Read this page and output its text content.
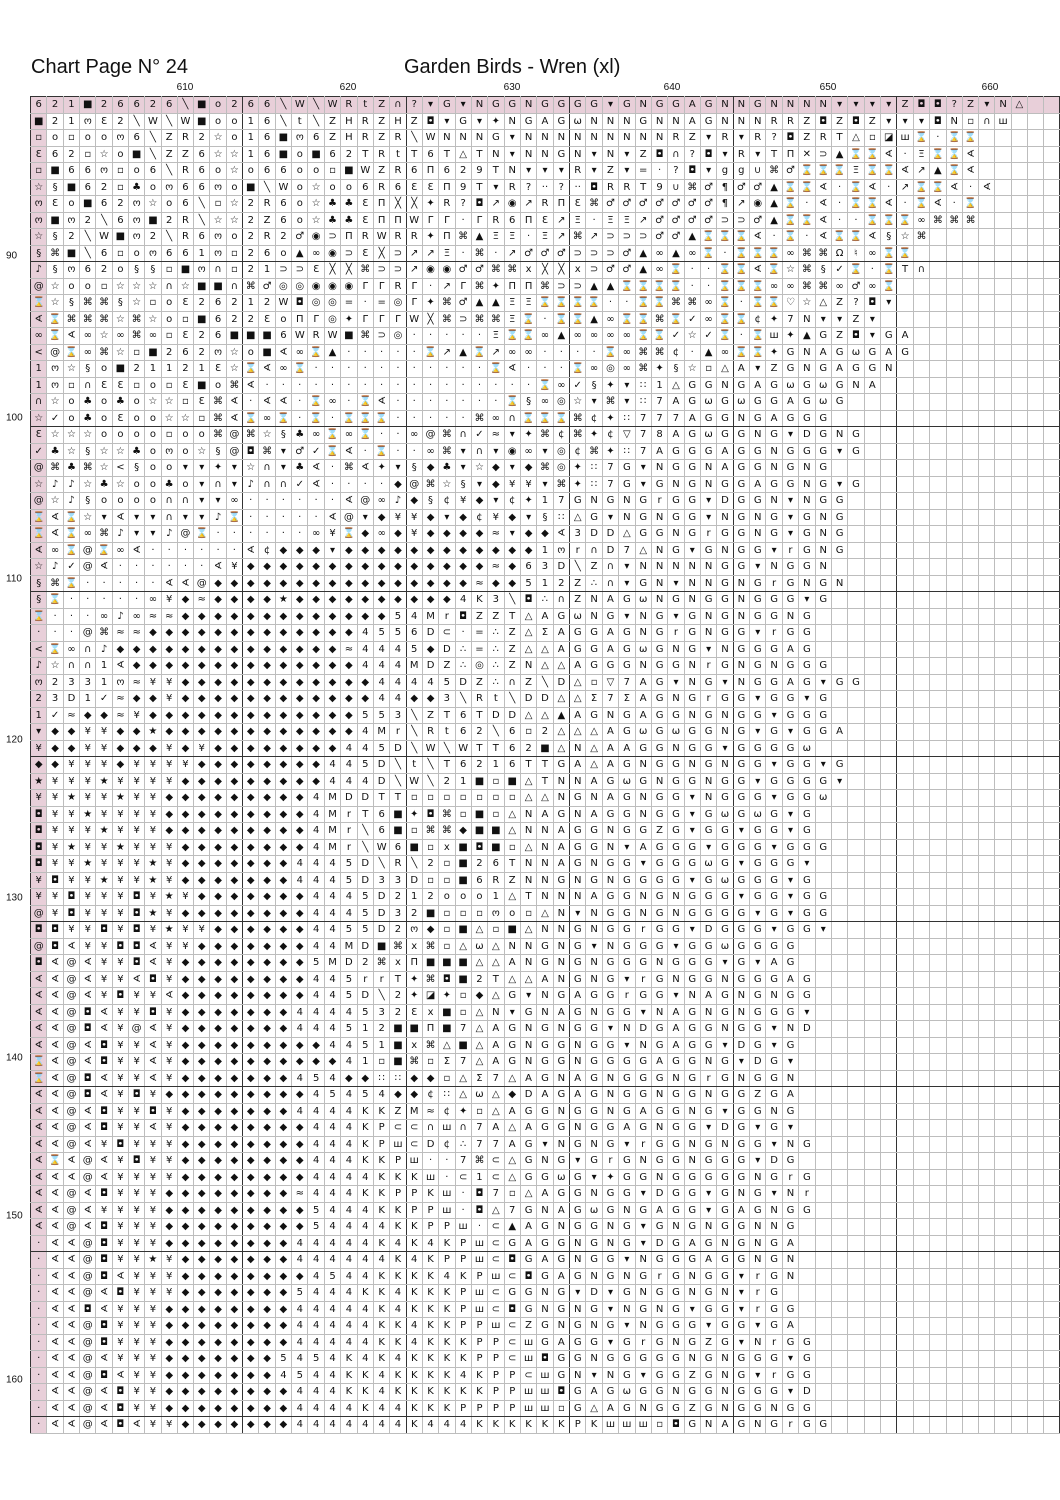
Chart Page N° 24	Garden Birds - Wren (xl)
610	620	630	640	650	660
90
100
110
120
130
140
150
160
6	2	1	■	2	6	6	2	6	╲	■	o	2	6	6	╲	W	╲	W	R	t	Z	∩	?	▾	G	▾	N	G	G	N	G	G	G	G	▾	G	N	G	G	A	G	N	N	G	N	N	N	N	▾	▾	▾	▾	Z	◘	◘	?	Z	▾	N	△		
■	2	1	ო	Ɛ	2	╲	W	╲	W	■	o	o	1	6	╲	t	╲	Z	H	R	Z	H	Z	◘	▾	G	▾	✦	N	G	A	G	ω	N	N	N	G	N	N	A	G	N	N	N	R	R	Z	◘	Z	◘	Z	▾	▾	▾	◘	N	▫	∩	ш			
▫	o	▫	o	o	ო	6	╲	Z	R	2	☆	o	1	6	■	ო	6	Z	H	R	Z	R	╲	W	N	N	N	G	▾	N	N	N	N	N	N	N	N	N	R	Z	▾	R	▾	R	?	◘	Z	R	T	△	▫	◪	ш	⌛	·	⌛	⌛					
Ɛ	6	2	▫	☆	o	■	╲	Z	Z	6	☆	☆	1	6	■	o	■	6	2	T	R	t	T	6	T	△	T	N	▾	N	N	G	N	▾	N	▾	Z	◘	∩	?	◘	▾	R	▾	T	Π	✕	⊃	▲	⌛	⌛	∢	·	Ξ	⌛	⌛	∢					
▫	■	6	6	ო	▫	o	6	╲	R	6	o	☆	o	6	6	o	o	▫	■	W	Z	R	6	Π	6	2	9	T	N	▾	▾	▾	R	▾	Z	▾	=	·	?	◘	▾	g	g	∪	⌘	♂	⌛	⌛	⌛	Ξ	⌛	⌛	∢	↗	▲	⌛	∢					
☆	§	■	6	2	▫	♣	o	ო	6	6	ო	o	■	╲	W	o	☆	o	o	6	R	6	Ɛ	Ɛ	Π	9	T	▾	R	?	··	?	··	◘	R	R	T	9	∪	⌘	♂	¶	♂	♂	▲	⌛	⌛	∢	·	⌛	∢	·	↗	⌛	⌛	∢	·	∢				
ო	Ɛ	o	■	6	2	ო	☆	o	6	╲	▫	☆	2	R	6	o	☆	♣	♣	Ɛ	Π	╳	╳	✦	R	?	◘	↗	◉	↗	R	Π	Ɛ	⌘	♂	♂	♂	♂	♂	♂	♂	¶	↗	◉	▲	⌛	·	∢	·	⌛	⌛	∢	·	⌛	∢	·	⌛					
ო	■	ო	2	╲	6	ო	■	2	R	╲	☆	☆	2	Z	6	o	☆	♣	♣	Ɛ	Π	Π	W	Γ	Γ	·	Γ	R	6	Π	Ɛ	↗	Ξ	·	Ξ	Ξ	↗	♂	♂	♂	♂	⊃	⊃	♂	▲	⌛	⌛	∢	·	·	⌛	⌛	⌛	∞	⌘	⌘	⌘					
☆	§	2	╲	W	■	ო	2	╲	R	6	ო	o	2	R	2	♂	◉	⊃	Π	R	W	R	R	✦	Π	⌘	▲	Ξ	Ξ	·	Ξ	↗	⌘	↗	⊃	⊃	⊃	♂	♂	▲	⌛	⌛	⌛	∢	·	⌛	·	∢	⌛	⌛	∢	§	☆	⌘								
§	⌘	■	╲	6	▫	o	ო	6	6	1	ო	▫	2	6	o	▲	∞	◉	⊃	Ɛ	╳	⊃	↗	↗	Ξ	·	⌘	·	↗	♂	♂	♂	⊃	⊃	⊃	♂	▲	∞	▲	∞	⌛	·	⌛	⌛	⌛	∞	⌘	⌘	Ω	♮	∞	⌛	⌛									
♪	§	ო	6	2	o	§	§	▫	■	ო	∩	▫	2	1	⊃	⊃	Ɛ	╳	╳	⌘	⊃	⊃	↗	◉	◉	♂	♂	⌘	⌘	x	╳	╳	x	⊃	♂	♂	▲	∞	⌛	·	·	⌛	⌛	∢	⌛	☆	⌘	§	✓	⌛	·	⌛	T	∩								
@	☆	o	o	▫	☆	☆	☆	∩	☆	■	■	∩	⌘	♂	◎	◎	◉	◉	◉	Γ	Γ	R	Γ	·	↗	Γ	⌘	✦	Π	Π	⌘	⊃	⊃	▲	▲	⌛	⌛	⌛	⌛	·	·	⌛	⌛	⌛	∞	∞	⌘	⌘	∞	♂	∞	⌛										
⌛	☆	§	⌘	⌘	§	☆	▫	o	Ɛ	2	6	2	1	2	W	◘	◎	◎	=	·	=	◎	Γ	✦	⌘	♂	▲	▲	Ξ	Ξ	⌛	⌛	⌛	⌛	·	·	⌛	⌛	⌘	⌘	∞	⌛	·	⌛	⌛	♡	☆	△	Z	?	◘	▾										
∢	⌛	⌘	⌘	⌘	☆	⌘	☆	o	▫	■	6	2	2	Ɛ	o	Π	Γ	◎	✦	Γ	Γ	Γ	W	╳	⌘	⊃	⌘	⌘	Ξ	⌛	·	⌛	⌛	▲	∞	⌛	⌛	⌘	⌛	✓	∞	⌛	⌛	¢	✦	7	N	▾	▾	Z	▾											
∞	⌛	∢	∞	☆	∞	⌘	∞	▫	Ɛ	2	6	■	■	■	6	W	R	W	■	⌘	⊃	◎	·	·	·	·	·	Ξ	⌛	⌛	∞	▲	∞	∞	∞	∞	⌛	⌛	✓	☆	✓	⌛	·	⌛	ш	✦	▲	G	Z	◘	▾	G	A									
<	@	⌛	∞	⌘	☆	▫	■	2	6	2	ო	☆	o	■	∢	∞	⌛	▲	·	·	·	·	·	⌛	↗	▲	⌛	↗	∞	∞	·	·	·	·	⌛	∞	⌘	⌘	¢	·	▲	∞	⌛	⌛	✦	G	N	A	G	ω	G	A	G									
1	ო	☆	§	o	■	2	1	1	2	1	Ɛ	☆	⌛	∢	∞	⌛	·	·	·	·	·	·	·	·	·	·	·	⌛	∢	·	·	·	⌛	∞	◎	∞	⌘	✦	§	☆	▫	△	A	▾	Z	G	N	G	A	G	G	N										
1	ო	▫	∩	Ɛ	Ɛ	▫	o	▫	Ɛ	■	o	⌘	∢	·	·	·	·	·	·	·	·	·	·	·	·	·	·	·	·	·	⌛	∞	✓	§	✦	▾	∷	1	△	G	G	N	G	A	G	ω	G	ω	G	N	A											
∩	☆	o	♣	o	♣	o	☆	☆	▫	Ɛ	⌘	∢	·	∢	∢	·	⌛	∞	·	⌛	∢	·	·	·	·	·	·	·	⌛	§	∞	◎	☆	▾	⌘	▾	∷	7	A	G	ω	G	ω	G	G	A	G	ω	G													
☆	✓	o	♣	o	Ɛ	o	o	☆	☆	▫	⌘	∢	⌛	∞	⌛	·	⌛	·	⌛	⌛	⌛	·	·	·	·	·	⌘	∞	∩	⌛	⌛	⌛	⌘	¢	✦	∷	7	7	7	A	G	G	N	G	A	G	G	G														
Ɛ	☆	☆	☆	o	o	o	o	▫	o	o	⌘	@	⌘	☆	§	♣	∞	⌛	∞	⌛	·	·	∞	@	⌘	∩	✓	≈	▾	✦	⌘	¢	⌘	✦	¢	▽	7	8	A	G	ω	G	G	N	G	▾	D	G	N	G												
✓	♣	☆	§	☆	☆	♣	o	ო	o	☆	§	@	◘	⌘	▾	♂	✓	⌛	∢	·	⌛	·	·	∞	⌘	▾	∩	▾	◉	∞	▾	◎	¢	⌘	✦	∷	7	A	G	G	G	A	G	G	N	G	G	G	▾	G												
@	⌘	♣	⌘	☆	<	§	o	o	▾	▾	✦	▾	☆	∩	▾	♣	∢	·	⌘	∢	✦	▾	§	◆	♣	▾	☆	◆	▾	◆	⌘	◎	✦	∷	7	G	▾	N	G	G	N	A	G	G	N	G	N	G														
☆	♪	♪	☆	♣	☆	o	o	♣	o	▾	∩	▾	♪	∩	∩	✓	∢	·	·	·	·	◆	@	⌘	☆	§	▾	◆	¥	¥	▾	⌘	✦	∷	7	G	▾	G	N	G	N	G	G	A	G	G	N	G	▾	G												
@	☆	♪	§	o	o	o	o	∩	∩	▾	▾	∞	·	·	·	·	·	·	∢	@	∞	♪	◆	§	¢	¥	◆	▾	¢	✦	1	7	G	N	G	N	G	r	G	G	▾	D	G	G	N	▾	N	G	G													
⌛	∢	⌛	☆	▾	∢	▾	▾	∩	▾	▾	♪	⌛	·	·	·	·	·	∢	@	▾	◆	¥	¥	◆	▾	◆	¢	¥	◆	▾	§	∷	△	G	▾	N	G	N	G	G	▾	N	G	N	G	▾	G	N	G													
⌛	∢	⌛	∞	⌘	♪	▾	▾	♪	@	⌛	·	·	·	·	·	·	∞	¥	⌛	◆	∞	◆	¥	◆	◆	◆	◆	≈	▾	◆	◆	∢	3	D	D	△	G	G	N	G	r	G	G	N	G	▾	G	N	G													
∢	∞	⌛	@	⌛	∞	∢	·	·	·	·	·	·	∢	¢	◆	◆	◆	▾	◆	◆	◆	◆	◆	◆	◆	◆	◆	◆	◆	◆	1	ო	r	∩	D	7	△	N	G	▾	G	N	G	G	▾	r	G	N	G													
☆	♪	✓	@	∢	·	·	·	·	·	·	∢	¥	◆	◆	◆	◆	◆	◆	◆	◆	◆	◆	◆	◆	◆	◆	◆	≈	◆	6	3	D	╲	Z	∩	▾	N	N	N	N	N	G	G	▾	N	G	G	N														
§	⌘	⌛	·	·	·	·	·	∢	∢	@	◆	◆	◆	◆	◆	◆	◆	◆	◆	◆	◆	◆	◆	◆	◆	◆	≈	◆	◆	5	1	2	Z	∴	∩	▾	G	N	▾	N	N	G	N	G	r	G	N	G	N													
§	⌛	·	·	·	·	·	∞	¥	◆	≈	◆	◆	◆	◆	★	◆	◆	◆	◆	◆	◆	◆	◆	◆	◆	4	K	3	╲	◘	∴	∩	Z	N	A	G	ω	N	G	N	G	G	N	G	G	G	▾	G														
⌛	·	·	·	∞	♪	∞	≈	≈	◆	◆	◆	◆	◆	◆	◆	◆	◆	◆	◆	◆	◆	5	4	M	r	◘	Z	Z	T	△	A	G	ω	N	G	▾	N	G	▾	G	N	G	N	G	G	N	G															
·	·	·	@	⌘	≈	≈	◆	◆	◆	◆	◆	◆	◆	◆	◆	◆	◆	◆	◆	4	5	5	6	D	⊂	·	=	∴	Z	△	Σ	A	G	G	A	G	N	G	r	G	N	G	G	▾	r	G	G															
<	⌛	∞	∩	♪	◆	◆	◆	◆	◆	◆	◆	◆	◆	◆	◆	◆	◆	◆	≈	4	4	4	5	◆	D	∴	=	∴	Z	△	△	A	G	G	A	G	ω	G	N	G	▾	N	G	G	G	A	G															
♪	☆	∩	∩	1	∢	◆	◆	◆	◆	◆	◆	◆	◆	◆	◆	◆	◆	◆	◆	4	4	4	M	D	Z	∴	◎	∴	Z	N	△	△	A	G	G	G	N	G	G	N	r	G	N	G	N	G	G	G														
ო	2	3	3	1	ო	≈	¥	¥	◆	◆	◆	◆	◆	◆	◆	◆	◆	◆	◆	◆	4	4	4	4	5	D	Z	∴	∩	Z	╲	D	△	▫	▽	7	A	G	▾	N	G	▾	N	G	G	A	G	▾	G	G												
2	3	D	1	✓	≈	◆	◆	¥	◆	◆	◆	◆	◆	◆	◆	◆	◆	◆	◆	◆	4	4	◆	◆	3	╲	R	t	╲	D	D	△	△	Σ	7	Σ	A	G	N	G	r	G	G	▾	G	G	▾	G														
1	✓	≈	◆	◆	≈	¥	◆	◆	◆	◆	◆	◆	◆	◆	◆	◆	◆	◆	◆	5	5	3	╲	Z	T	6	T	D	D	△	△	▲	A	G	N	G	A	G	G	N	G	N	G	G	▾	G	G	G														
▾	◆	◆	¥	¥	◆	◆	★	◆	◆	◆	◆	◆	◆	◆	◆	◆	◆	◆	◆	4	M	r	╲	R	t	6	2	╲	6	▫	2	△	△	△	A	G	ω	G	ω	G	G	N	G	▾	G	▾	G	G	A													
¥	◆	◆	¥	¥	◆	◆	◆	¥	◆	¥	◆	◆	◆	◆	◆	◆	◆	◆	4	4	5	D	╲	W	╲	W	T	T	6	2	■	△	N	△	A	A	G	G	N	G	G	▾	G	G	G	G	ω															
◆	◆	¥	¥	¥	◆	¥	¥	¥	¥	◆	◆	◆	◆	◆	◆	◆	◆	4	4	5	D	╲	t	╲	T	6	2	1	6	T	T	G	A	△	A	G	N	G	G	N	G	N	G	G	▾	G	G	▾	G													
★	¥	¥	¥	★	¥	¥	¥	¥	◆	◆	◆	◆	◆	◆	◆	◆	◆	4	4	4	D	╲	W	╲	2	1	■	▫	■	△	T	N	N	A	G	ω	G	N	G	G	N	G	G	▾	G	G	G	G	▾													
¥	¥	★	¥	¥	★	¥	¥	◆	◆	◆	◆	◆	◆	◆	◆	◆	4	M	D	D	T	T	▫	▫	▫	▫	▫	▫	▫	△	△	N	G	N	A	G	N	G	G	▾	N	G	G	G	▾	G	G	ω														
◘	¥	¥	★	¥	¥	¥	¥	◆	◆	◆	◆	◆	◆	◆	◆	◆	4	M	r	T	6	■	✦	◘	⌘	▫	■	▫	△	N	A	G	N	A	G	G	N	G	G	▾	G	ω	G	ω	G	▾	G															
◘	¥	¥	¥	★	¥	¥	¥	◆	◆	◆	◆	◆	◆	◆	◆	◆	4	M	r	╲	6	■	▫	⌘	⌘	◆	■	■	△	N	N	A	G	G	N	G	G	Z	G	▾	G	G	▾	G	G	▾	G															
◘	¥	★	¥	¥	★	¥	¥	¥	◆	◆	◆	◆	◆	◆	◆	◆	4	M	r	╲	W	6	■	▫	x	■	◘	■	▫	△	N	A	G	G	N	▾	A	G	G	G	▾	G	G	G	▾	G	G	G														
◘	¥	¥	★	¥	¥	¥	★	¥	◆	◆	◆	◆	◆	◆	◆	4	4	4	5	D	╲	R	╲	2	▫	■	2	6	T	N	N	A	G	N	G	G	▾	G	G	G	ω	G	▾	G	G	G	▾															
¥	◘	¥	¥	★	¥	¥	★	¥	◆	◆	◆	◆	◆	◆	◆	4	4	4	5	D	3	3	D	▫	▫	■	6	R	Z	N	N	G	N	G	N	G	G	G	G	▾	G	ω	G	G	G	▾	G															
¥	¥	◘	¥	¥	¥	◘	¥	★	¥	◆	◆	◆	◆	◆	◆	◆	4	4	4	5	D	2	1	2	o	o	o	1	△	T	N	N	N	A	G	G	N	G	N	G	G	G	▾	G	G	▾	G	G														
@	¥	◘	¥	¥	¥	◘	★	¥	◆	◆	◆	◆	◆	◆	◆	◆	4	4	4	5	D	3	2	■	▫	▫	▫	ო	o	▫	△	N	▾	N	G	G	N	G	N	G	G	G	G	▾	G	▾	G	G														
◘	◘	¥	¥	◘	¥	◘	¥	★	¥	¥	◆	◆	◆	◆	◆	◆	4	4	5	5	D	2	ო	◆	▫	■	△	▫	■	△	N	N	G	N	G	G	r	G	G	▾	D	G	G	G	▾	G	G	▾														
@	◘	∢	¥	¥	◘	◘	∢	¥	¥	◆	◆	◆	◆	◆	◆	◆	4	4	M	D	■	⌘	x	⌘	▫	△	ω	△	N	N	G	N	G	▾	N	G	G	G	▾	G	G	ω	G	G	G	G																
◘	∢	@	∢	¥	¥	◘	∢	¥	◆	◆	◆	◆	◆	◆	◆	◆	5	M	D	2	⌘	x	Π	■	■	■	△	△	A	N	G	N	G	N	G	G	G	N	G	G	G	▾	G	▾	A	G																
∢	∢	@	∢	¥	¥	∢	◘	¥	◆	◆	◆	◆	◆	◆	◆	◆	4	4	5	r	r	T	✦	⌘	◘	■	2	T	△	△	A	N	G	N	G	▾	r	G	N	G	G	N	G	G	G	A	G															
∢	∢	@	∢	¥	◘	¥	¥	∢	◆	◆	◆	◆	◆	◆	◆	◆	4	4	5	D	╲	2	✦	◪	✦	▫	◆	△	G	▾	N	G	A	G	G	r	G	G	▾	N	A	G	N	G	N	G	G															
∢	∢	@	◘	∢	¥	¥	◘	¥	◆	◆	◆	◆	◆	◆	◆	4	4	4	4	5	3	2	Ɛ	x	■	▫	△	N	▾	G	N	A	G	N	G	G	▾	N	A	G	N	G	N	G	G	G	▾															
∢	∢	@	◘	∢	¥	@	∢	¥	◆	◆	◆	◆	◆	◆	◆	4	4	4	5	1	2	■	■	Π	■	7	△	A	G	N	G	N	G	G	▾	N	D	G	A	G	G	N	G	G	▾	N	D															
∢	∢	@	∢	◘	¥	¥	∢	¥	◆	◆	◆	◆	◆	◆	◆	◆	◆	4	4	5	1	■	x	⌘	△	■	△	A	G	N	G	G	N	G	G	▾	N	G	A	G	G	▾	D	G	▾	G																
⌛	∢	@	∢	◘	¥	¥	∢	¥	◆	◆	◆	◆	◆	◆	◆	◆	◆	◆	4	1	▫	■	⌘	▫	Σ	7	△	A	G	N	G	G	N	G	G	G	G	A	G	G	N	G	▾	D	G	▾																
⌛	∢	@	◘	∢	¥	¥	∢	¥	◆	◆	◆	◆	◆	◆	◆	4	5	4	◆	◆	∷	∷	◆	◆	▫	△	Σ	7	△	A	G	N	A	G	N	G	G	G	N	G	r	G	N	G	G	N																
∢	∢	@	◘	∢	¥	◘	¥	◆	◆	◆	◆	◆	◆	◆	◆	◆	4	5	4	5	4	◆	◆	¢	∷	△	ω	△	◆	D	A	G	A	G	N	G	G	N	G	G	N	G	G	Z	G	A																
∢	∢	@	∢	◘	¥	¥	◘	¥	◆	◆	◆	◆	◆	◆	◆	4	4	4	4	K	K	Z	M	≈	¢	✦	▫	△	A	G	G	N	G	G	N	G	A	G	G	N	G	▾	G	G	N	G																
∢	∢	@	∢	◘	¥	¥	∢	¥	◆	◆	◆	◆	◆	◆	◆	◆	4	4	4	K	P	⊂	⊂	∩	ш	∩	7	A	△	A	G	G	N	G	G	A	G	N	G	G	▾	D	G	▾	G	▾																
∢	∢	@	∢	¥	◘	¥	¥	¥	◆	◆	◆	◆	◆	◆	◆	◆	4	4	4	K	P	ш	⊂	D	¢	∴	7	7	A	G	▾	N	G	N	G	▾	r	G	G	N	G	N	G	G	▾	N	G															
∢	⌛	∢	@	∢	¥	◘	¥	¥	◆	◆	◆	◆	◆	◆	◆	◆	4	4	4	K	K	P	ш	·	·	7	⌘	⊂	△	G	N	G	▾	G	r	G	N	G	G	N	G	G	G	▾	D	G																
∢	∢	∢	@	∢	¥	¥	¥	¥	◆	◆	◆	◆	◆	◆	◆	◆	4	4	4	4	K	K	K	ш	·	⊂	1	⊂	△	G	G	ω	G	▾	✦	G	G	N	G	G	G	G	G	N	G	r	G															
∢	∢	@	∢	◘	¥	¥	¥	◆	◆	◆	◆	◆	◆	◆	◆	≈	4	4	4	K	K	P	P	K	ш	·	◘	7	▫	△	A	G	G	N	G	G	▾	D	G	G	▾	G	N	G	▾	N	r															
∢	∢	@	∢	¥	¥	¥	¥	◆	◆	◆	◆	◆	◆	◆	◆	◆	5	4	4	4	K	K	P	P	ш	·	◘	△	7	G	N	A	G	ω	G	N	G	A	G	G	▾	G	A	G	N	G	G															
∢	∢	@	∢	◘	¥	¥	¥	◆	◆	◆	◆	◆	◆	◆	◆	◆	5	4	4	4	4	K	K	P	P	ш	·	⊂	▲	A	G	N	G	G	N	G	▾	G	N	G	N	G	G	N	N	G																
·	∢	∢	@	◘	¥	¥	¥	◆	◆	◆	◆	◆	◆	◆	◆	4	4	4	4	4	K	4	K	4	K	P	ш	⊂	G	A	G	G	N	G	N	G	▾	D	G	A	G	N	G	N	G	A																
·	∢	∢	@	◘	¥	¥	★	¥	◆	◆	◆	◆	◆	◆	◆	4	4	4	4	4	4	K	4	K	P	P	ш	⊂	◘	G	A	G	N	G	G	▾	N	G	G	G	A	G	G	N	G	N																
·	∢	∢	@	◘	∢	¥	¥	¥	◆	◆	◆	◆	◆	◆	◆	◆	4	5	4	4	K	K	K	K	4	K	P	ш	⊂	◘	G	A	G	N	G	N	G	r	G	N	G	G	▾	r	G	N																
·	∢	∢	@	∢	◘	¥	¥	¥	◆	◆	◆	◆	◆	◆	◆	5	4	4	4	K	K	4	K	K	K	P	ш	⊂	G	G	N	G	▾	D	▾	G	N	G	G	N	G	N	▾	r	G																	
·	∢	∢	◘	∢	¥	¥	¥	◆	◆	◆	◆	◆	◆	◆	◆	4	4	4	4	4	K	4	K	K	K	P	ш	⊂	◘	G	N	G	N	G	▾	N	G	N	G	▾	G	G	▾	r	G	G																
·	∢	∢	@	◘	¥	¥	¥	◆	◆	◆	◆	◆	◆	◆	◆	4	4	4	4	4	K	K	4	K	K	P	P	ш	⊂	Z	G	N	G	N	G	▾	N	G	G	G	▾	G	G	▾	G	A																
·	∢	∢	@	◘	¥	¥	¥	◆	◆	◆	◆	◆	◆	◆	◆	4	4	4	4	4	K	K	4	K	K	K	P	P	⊂	ш	G	A	G	G	▾	G	r	G	N	G	Z	G	▾	N	r	G	G															
·	∢	∢	@	∢	¥	¥	¥	◆	◆	◆	◆	◆	◆	◆	5	4	5	4	K	4	K	4	K	K	K	K	P	P	⊂	ш	◘	G	G	N	G	G	G	G	G	N	G	N	G	G	G	▾	G															
·	∢	∢	@	◘	∢	¥	¥	◆	◆	◆	◆	◆	◆	◆	4	5	4	4	K	K	4	K	K	K	K	4	K	P	P	⊂	ш	G	N	▾	N	G	▾	G	G	Z	G	N	G	▾	r	G	G															
·	∢	∢	@	∢	◘	¥	¥	◆	◆	◆	◆	◆	◆	◆	◆	4	4	4	K	K	4	K	K	K	K	K	K	P	P	ш	ш	◘	G	A	G	ω	G	G	N	G	G	N	G	G	G	▾	D															
·	∢	∢	@	∢	◘	¥	¥	◆	◆	◆	◆	◆	◆	◆	◆	4	4	4	4	K	4	4	K	K	K	P	P	P	P	ш	ш	▫	G	△	A	G	N	G	G	Z	G	N	G	G	N	G	G															
·	∢	∢	@	∢	◘	∢	¥	¥	◆	◆	◆	◆	◆	◆	◆	4	4	4	4	4	4	4	K	4	4	4	K	K	K	K	K	K	P	K	ш	ш	ш	▫	◘	G	N	A	G	N	G	r	G	G														
